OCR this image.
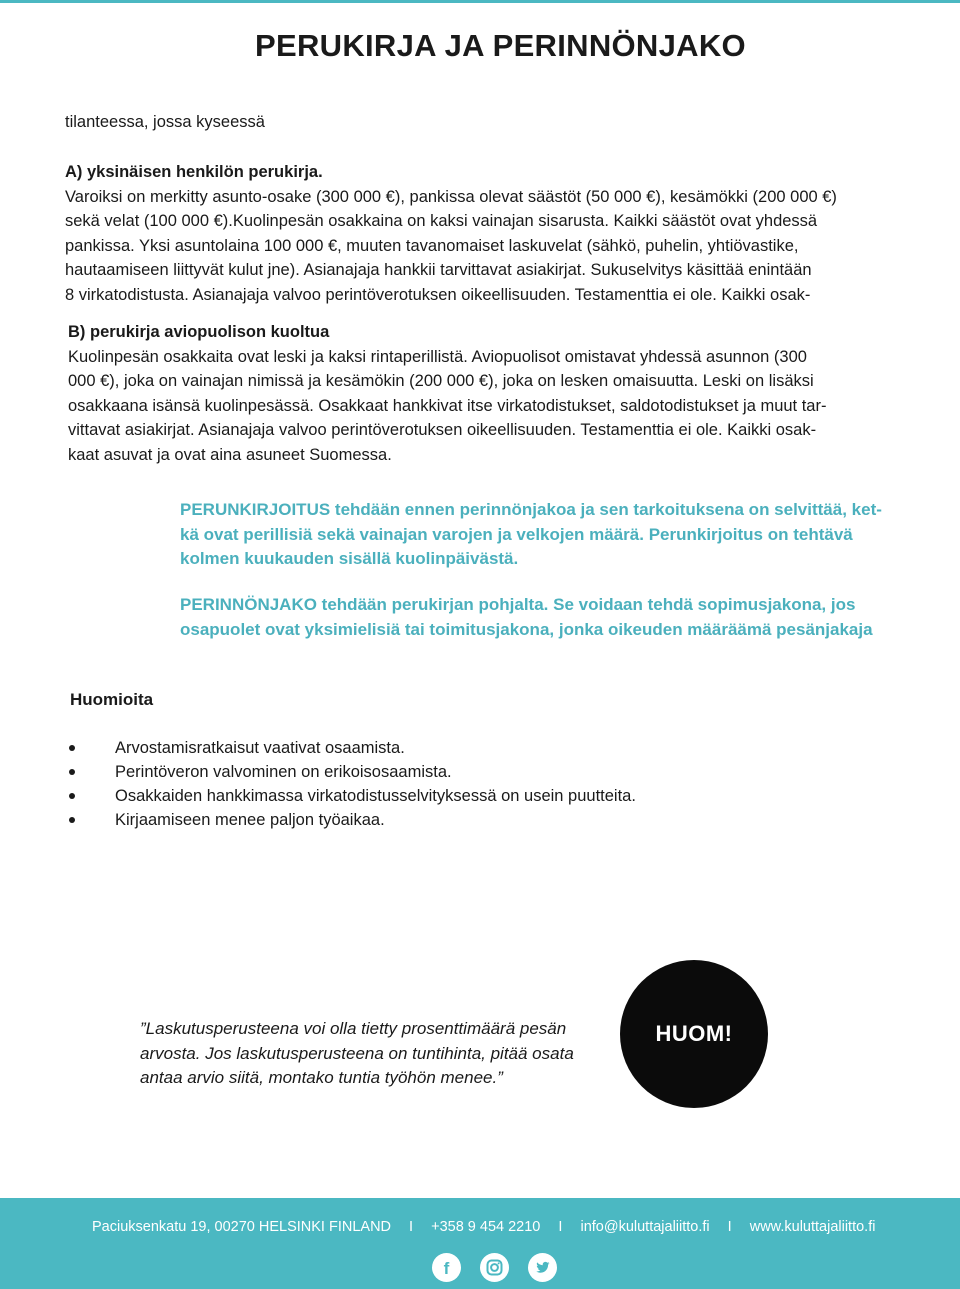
PERUKIRJA JA PERINNÖNJAKO
tilanteessa, jossa kyseessä
A) yksinäisen henkilön perukirja.
Varoiksi on merkitty asunto-osake (300 000 €), pankissa olevat säästöt (50 000 €), kesämökki (200 000 €)
sekä velat (100 000 €).Kuolinpesän osakkaina on kaksi vainajan sisarusta. Kaikki säästöt ovat yhdessä
pankissa. Yksi asuntolaina 100 000 €, muuten tavanomaiset laskuvelat (sähkö, puhelin, yhtiövastike,
hautaamiseen liittyvät kulut jne). Asianajaja hankkii tarvittavat asiakirjat. Sukuselvitys käsittää enintään
8 virkatodistusta. Asianajaja valvoo perintöverotuksen oikeellisuuden. Testamenttia ei ole. Kaikki osak-
B) perukirja aviopuolison kuoltua
Kuolinpesän osakkaita ovat leski ja kaksi rintaperillistä. Aviopuolisot omistavat yhdessä asunnon (300
000 €), joka on vainajan nimissä ja kesämökin (200 000 €), joka on lesken omaisuutta. Leski on lisäksi
osakkaana isänsä kuolinpesässä. Osakkaat hankkivat itse virkatodistukset, saldotodistukset ja muut tar-
vittavat asiakirjat. Asianajaja valvoo perintöverotuksen oikeellisuuden. Testamenttia ei ole. Kaikki osak-
kaat asuvat ja ovat aina asuneet Suomessa.
PERUNKIRJOITUS tehdään ennen perinnönjakoa ja sen tarkoituksena on selvittää, ket-
kä ovat perillisiä sekä vainajan varojen ja velkojen määrä. Perunkirjoitus on tehtävä
kolmen kuukauden sisällä kuolinpäivästä.
PERINNÖNJAKO tehdään perukirjan pohjalta. Se voidaan tehdä sopimusjakona, jos
osapuolet ovat yksimielisiä tai toimitusjakona, jonka oikeuden määräämä pesänjakaja
Huomioita
Arvostamisratkaisut vaativat osaamista.
Perintöveron valvominen on erikoisosaamista.
Osakkaiden hankkimassa virkatodistusselvityksessä on usein puutteita.
Kirjaamiseen menee paljon työaikaa.
”Laskutusperusteena voi olla tietty prosenttimäärä pesän
arvosta. Jos laskutusperusteena on tuntihinta, pitää osata
antaa arvio siitä, montako tuntia työhön menee.”
HUOM!
Paciuksenkatu 19, 00270 HELSINKI FINLAND I +358 9 454 2210 I info@kuluttajaliitto.fi I www.kuluttajaliitto.fi
f
